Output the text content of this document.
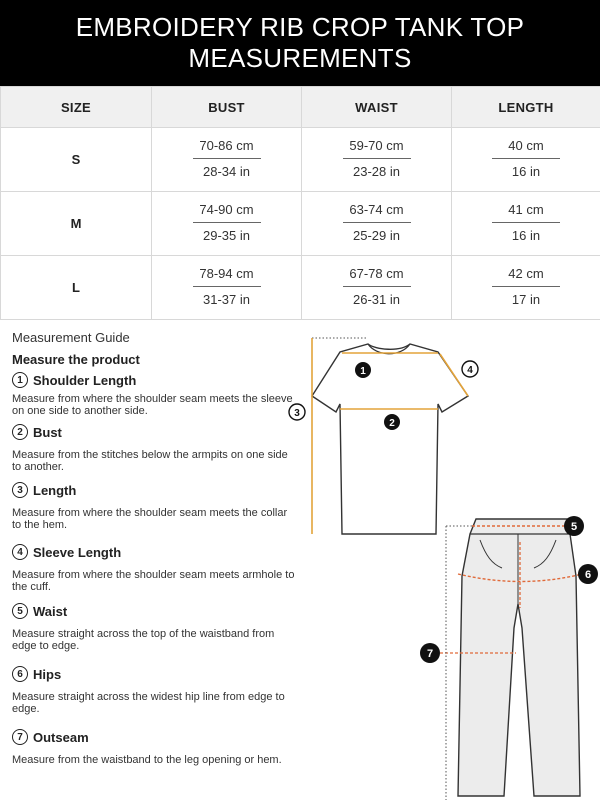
EMBROIDERY RIB CROP TANK TOP
MEASUREMENTS
SIZE	BUST	WAIST	LENGTH
S	$\frac{70-86 cm}{28-34 in}$	$\frac{59-70 cm}{23-28 in}$	$\frac{40 cm}{16 in}$

M	$\frac{74-90 cm}{29-35 in}$	$\frac{63-74 cm}{25-29 in}$	$\frac{41 cm}{16 in}$

L	$\frac{78-94 cm}{31-37 in}$	$\frac{67-78 cm}{26-31 in}$	$\frac{42 cm}{17 in}$
Measurement Guide
Measure the product
1 Shoulder Length
Measure from where the shoulder seam meets the sleeve on one side to another side.
2 Bust
Measure from the stitches below the armpits on one side to another.
3 Length
Measure from where the shoulder seam meets the collar to the hem.
4 Sleeve Length
Measure from where the shoulder seam meets armhole to the cuff.
5 Waist
Measure straight across the top of the waistband from edge to edge.
6 Hips
Measure straight across the widest hip line from edge to edge.
7 Outseam
Measure from the waistband to the leg opening or hem.
1
2
3
4
5
6
7
